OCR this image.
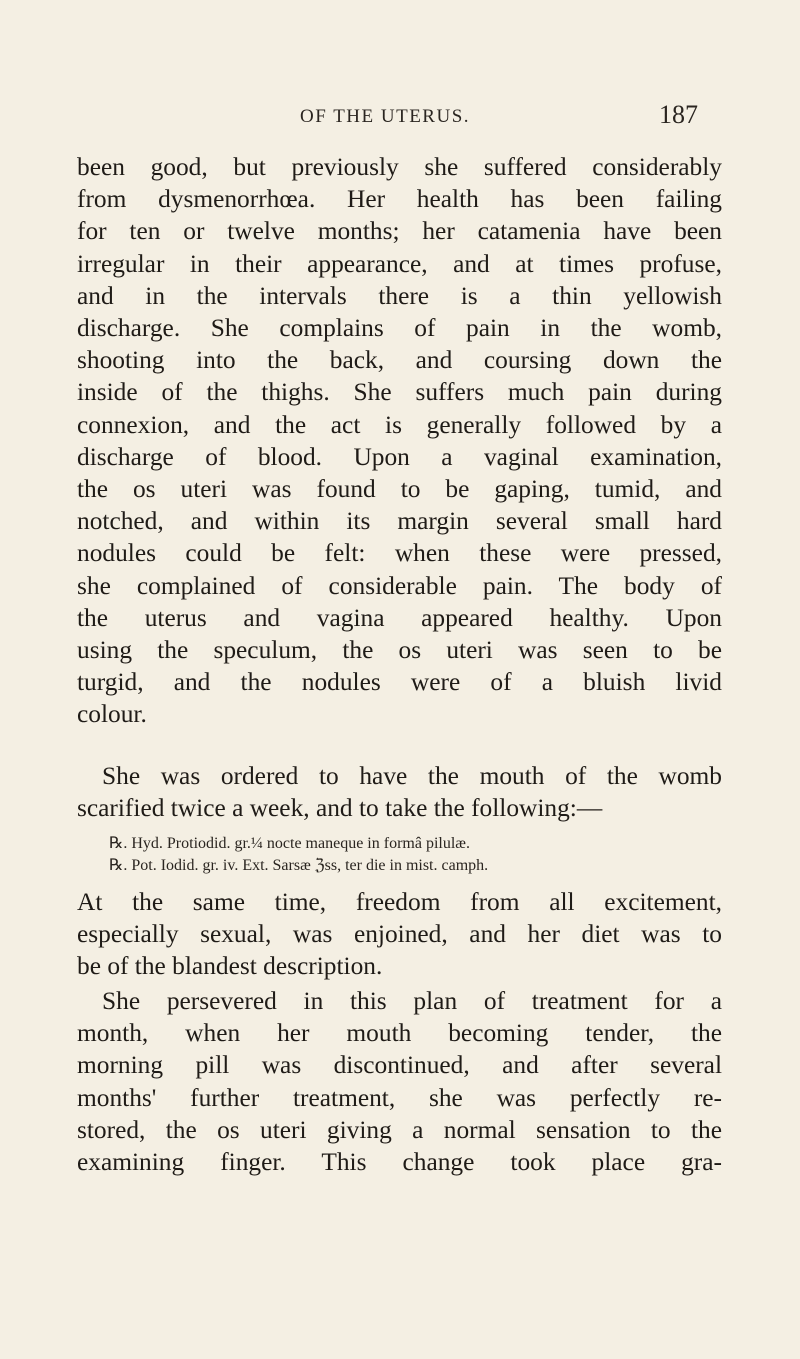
OF THE UTERUS.	187
been good, but previously she suffered considerably
from dysmenorrhœa. Her health has been failing
for ten or twelve months; her catamenia have been
irregular in their appearance, and at times profuse,
and in the intervals there is a thin yellowish
discharge. She complains of pain in the womb,
shooting into the back, and coursing down the
inside of the thighs. She suffers much pain during
connexion, and the act is generally followed by a
discharge of blood. Upon a vaginal examination,
the os uteri was found to be gaping, tumid, and
notched, and within its margin several small hard
nodules could be felt: when these were pressed,
she complained of considerable pain. The body of
the uterus and vagina appeared healthy. Upon
using the speculum, the os uteri was seen to be
turgid, and the nodules were of a bluish livid
colour.
She was ordered to have the mouth of the womb
scarified twice a week, and to take the following:—
℞. Hyd. Protiodid. gr.¼ nocte maneque in formâ pilulæ.
℞. Pot. Iodid. gr. iv. Ext. Sarsæ ℨss, ter die in mist. camph.
At the same time, freedom from all excitement,
especially sexual, was enjoined, and her diet was to
be of the blandest description.
She persevered in this plan of treatment for a
month, when her mouth becoming tender, the
morning pill was discontinued, and after several
months' further treatment, she was perfectly re-
stored, the os uteri giving a normal sensation to the
examining finger. This change took place gra-
